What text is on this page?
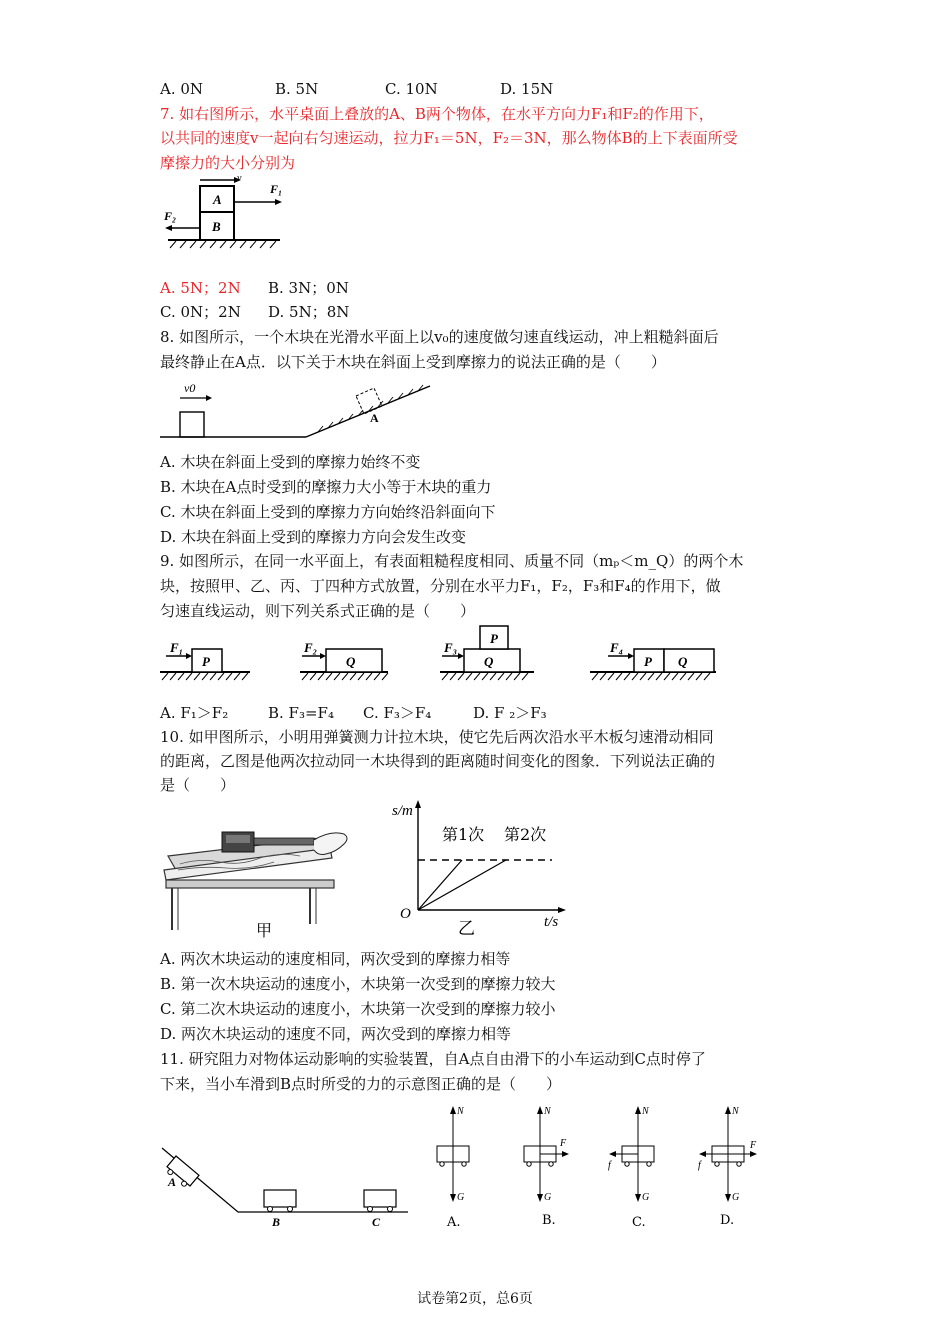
A. 0N	B. 5N	C. 10N	D. 15N
7. 如右图所示，水平桌面上叠放的A、B两个物体，在水平方向力F₁和F₂的作用下，
以共同的速度v一起向右匀速运动，拉力F₁＝5N，F₂＝3N，那么物体B的上下表面所受
摩擦力的大小分别为
A
B
v
F₁
F₂
A. 5N；2N B. 3N；0N
C. 0N；2N D. 5N；8N
8. 如图所示，一个木块在光滑水平面上以v₀的速度做匀速直线运动，冲上粗糙斜面后
最终静止在A点．以下关于木块在斜面上受到摩擦力的说法正确的是（　　）
v0
A
A. 木块在斜面上受到的摩擦力始终不变
B. 木块在A点时受到的摩擦力大小等于木块的重力
C. 木块在斜面上受到的摩擦力方向始终沿斜面向下
D. 木块在斜面上受到的摩擦力方向会发生改变
9. 如图所示，在同一水平面上，有表面粗糙程度相同、质量不同（mₚ＜m_Q）的两个木
块，按照甲、乙、丙、丁四种方式放置，分别在水平力F₁，F₂，F₃和F₄的作用下，做
匀速直线运动，则下列关系式正确的是（　　）
P
F₁
Q
F₂
P
Q
F₃
P Q
F₄
A. F₁＞F₂	B. F₃=F₄ C. F₃＞F₄	D. F ₂＞F₃
10. 如甲图所示，小明用弹簧测力计拉木块，使它先后两次沿水平木板匀速滑动相同
的距离，乙图是他两次拉动同一木块得到的距离随时间变化的图象．下列说法正确的
是（　　）
甲
s/m
t/s
O
第1次 第2次
乙
A. 两次木块运动的速度相同，两次受到的摩擦力相等
B. 第一次木块运动的速度小，木块第一次受到的摩擦力较大
C. 第二次木块运动的速度小，木块第一次受到的摩擦力较小
D. 两次木块运动的速度不同，两次受到的摩擦力相等
11. 研究阻力对物体运动影响的实验装置，自A点自由滑下的小车运动到C点时停了
下来，当小车滑到B点时所受的力的示意图正确的是（　　）
A
B	C
N
G
A.
N
G
F
B.
N
G
f
C.
N
G
F
f
D.
试卷第2页，总6页
